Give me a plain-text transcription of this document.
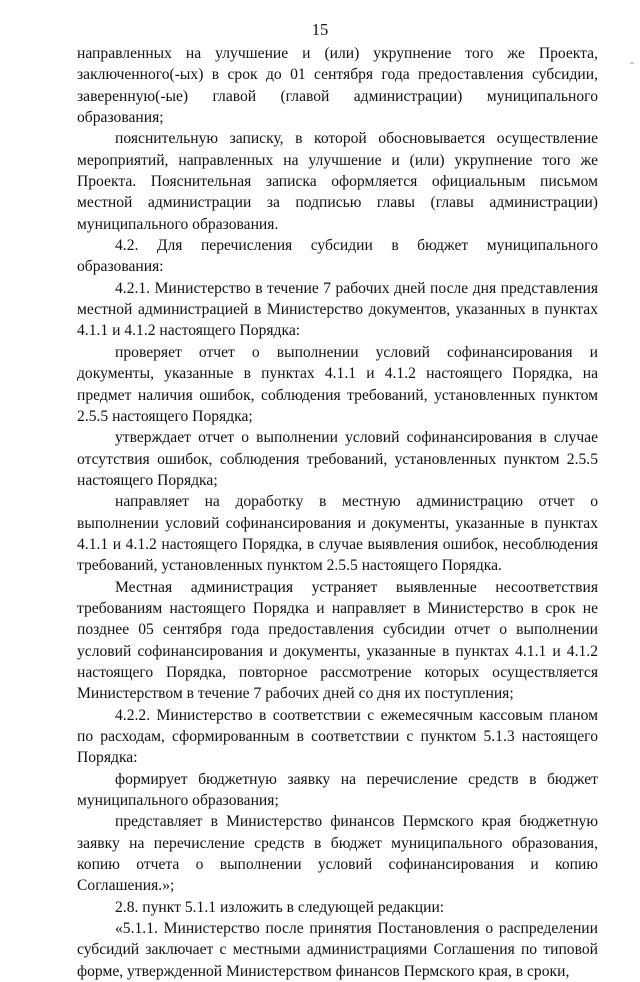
15

направленных на улучшение и (или) укрупнение того же Проекта, заключенного(-ых) в срок до 01 сентября года предоставления субсидии, заверенную(-ые) главой (главой администрации) муниципального образования;

пояснительную записку, в которой обосновывается осуществление мероприятий, направленных на улучшение и (или) укрупнение того же Проекта. Пояснительная записка оформляется официальным письмом местной администрации за подписью главы (главы администрации) муниципального образования.

4.2. Для перечисления субсидии в бюджет муниципального образования:

4.2.1. Министерство в течение 7 рабочих дней после дня представления местной администрацией в Министерство документов, указанных в пунктах 4.1.1 и 4.1.2 настоящего Порядка:

проверяет отчет о выполнении условий софинансирования и документы, указанные в пунктах 4.1.1 и 4.1.2 настоящего Порядка, на предмет наличия ошибок, соблюдения требований, установленных пунктом 2.5.5 настоящего Порядка;

утверждает отчет о выполнении условий софинансирования в случае отсутствия ошибок, соблюдения требований, установленных пунктом 2.5.5 настоящего Порядка;

направляет на доработку в местную администрацию отчет о выполнении условий софинансирования и документы, указанные в пунктах 4.1.1 и 4.1.2 настоящего Порядка, в случае выявления ошибок, несоблюдения требований, установленных пунктом 2.5.5 настоящего Порядка.

Местная администрация устраняет выявленные несоответствия требованиям настоящего Порядка и направляет в Министерство в срок не позднее 05 сентября года предоставления субсидии отчет о выполнении условий софинансирования и документы, указанные в пунктах 4.1.1 и 4.1.2 настоящего Порядка, повторное рассмотрение которых осуществляется Министерством в течение 7 рабочих дней со дня их поступления;

4.2.2. Министерство в соответствии с ежемесячным кассовым планом по расходам, сформированным в соответствии с пунктом 5.1.3 настоящего Порядка:

формирует бюджетную заявку на перечисление средств в бюджет муниципального образования;

представляет в Министерство финансов Пермского края бюджетную заявку на перечисление средств в бюджет муниципального образования, копию отчета о выполнении условий софинансирования и копию Соглашения.»;

2.8. пункт 5.1.1 изложить в следующей редакции:

«5.1.1. Министерство после принятия Постановления о распределении субсидий заключает с местными администрациями Соглашения по типовой форме, утвержденной Министерством финансов Пермского края, в сроки,
